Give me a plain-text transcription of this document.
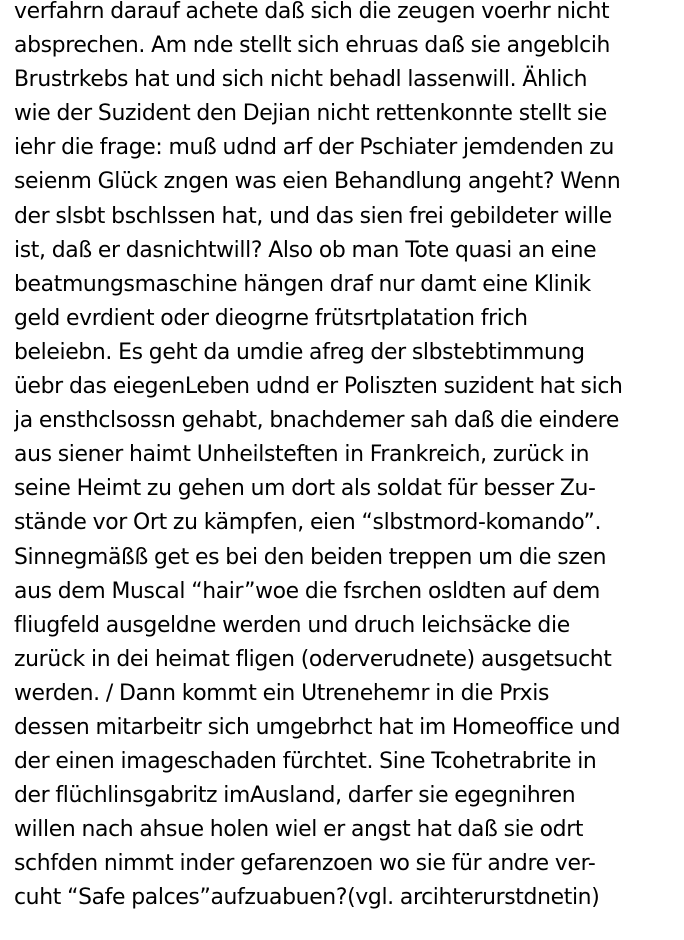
verfahrn darauf achete daß sich die zeugen voerhr nicht
absprechen. Am nde stellt sich ehruas daß sie angeblcih
Brustrkebs hat und sich nicht behadl lassenwill. Ählich
wie der Suzident den Dejian nicht rettenkonnte stellt sie
iehr die frage: muß udnd arf der Pschiater jemdenden zu
seienm Glück zngen was eien Behandlung angeht? Wenn
der slsbt bschlssen hat, und das sien frei gebildeter wille
ist, daß er dasnichtwill? Also ob man Tote quasi an eine
beatmungsmaschine hängen draf nur damt eine Klinik
geld evrdient oder dieogrne frütsrtplatation frich
beleiebn. Es geht da umdie afreg der slbstebtimmung
üebr das eiegenLeben udnd er Poliszten suzident hat sich
ja ensthclsossn gehabt, bnachdemer sah daß die eindere
aus siener haimt Unheilsteften in Frankreich, zurück in
seine Heimt zu gehen um dort als soldat für besser Zu-
stände vor Ort zu kämpfen, eien “slbstmord-komando”.
Sinnegmäßß get es bei den beiden treppen um die szen
aus dem Muscal “hair”woe die fsrchen osldten auf dem
fliugfeld ausgeldne werden und druch leichsäcke die
zurück in dei heimat fligen (oderverudnete) ausgetsucht
werden. / Dann kommt ein Utrenehemr in die Prxis
dessen mitarbeitr sich umgebrhct hat im Homeoffice und
der einen imageschaden fürchtet. Sine Tcohetrabrite in
der flüchlinsgabritz imAusland, darfer sie egegnihren
willen nach ahsue holen wiel er angst hat daß sie odrt
schfden nimmt inder gefarenzoen wo sie für andre ver-
cuht “Safe palces”aufzuabuen?(vgl. arcihterurstdnetin)
